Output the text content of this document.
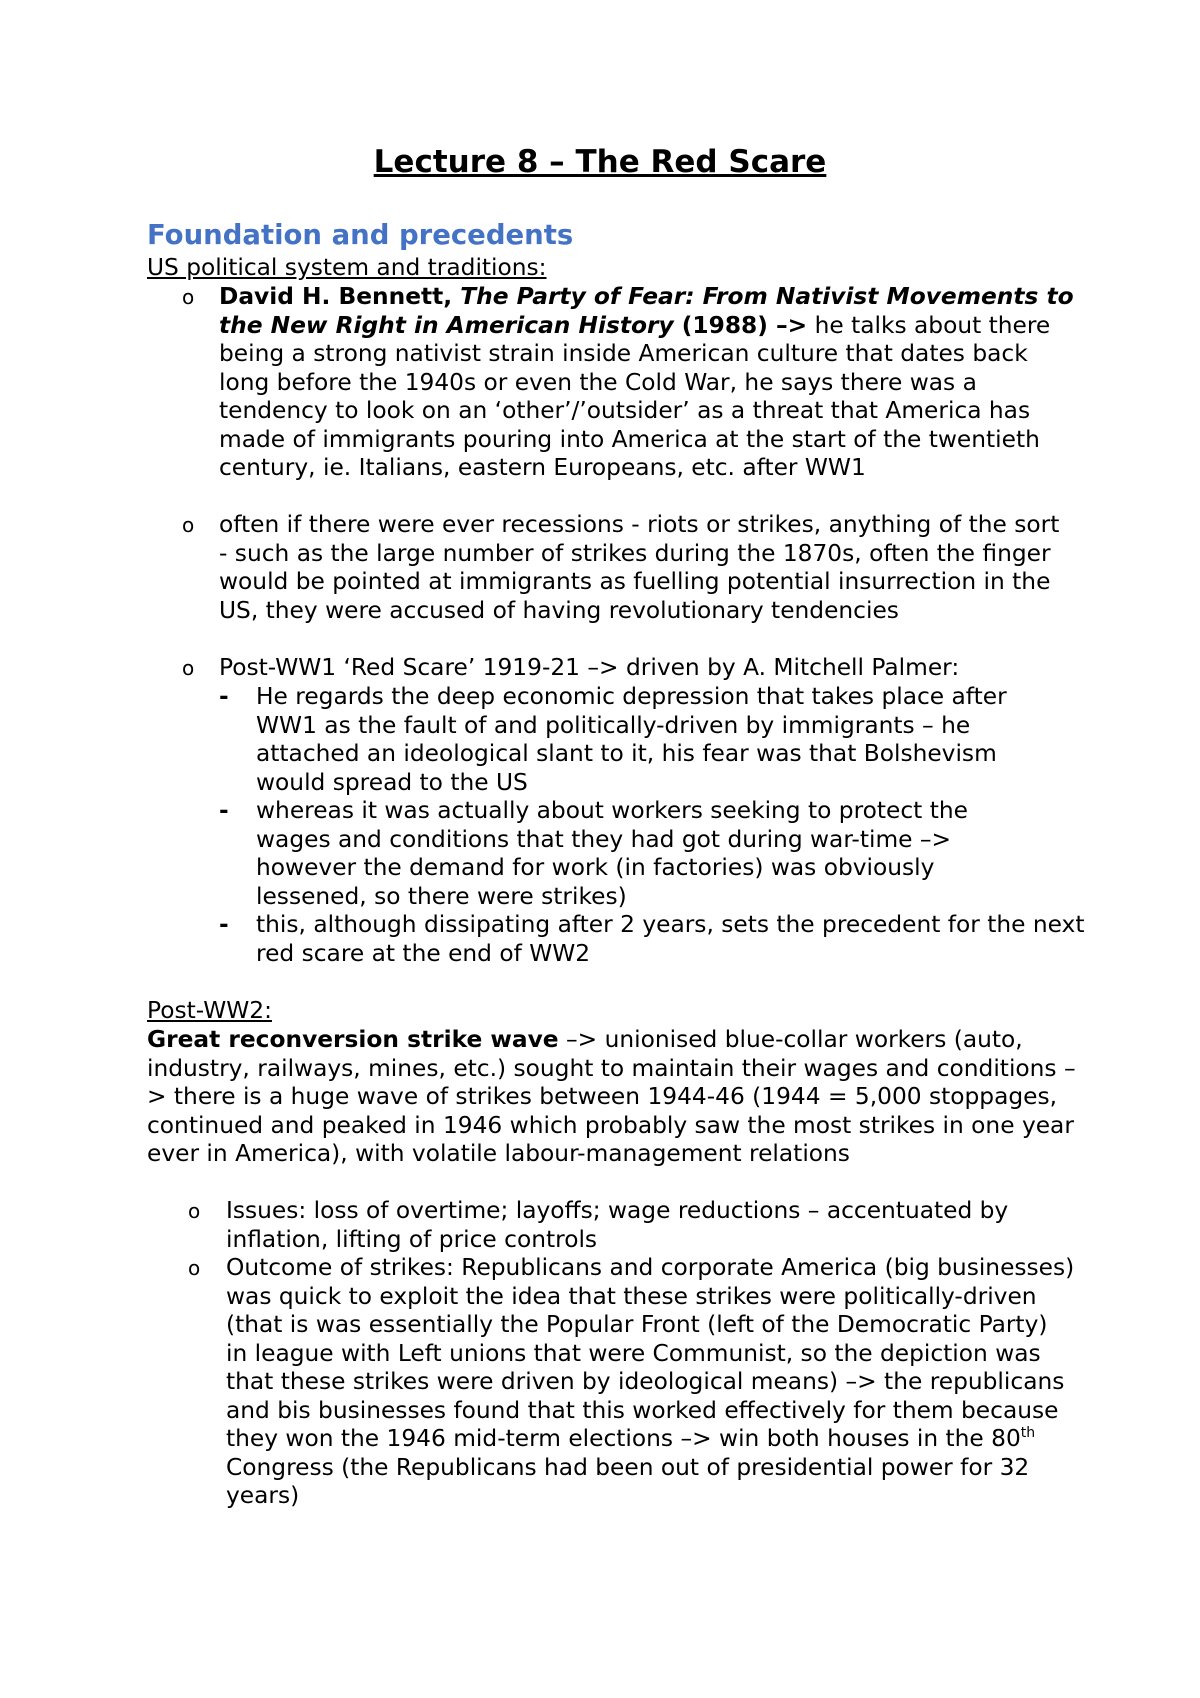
Lecture 8 – The Red Scare
Foundation and precedents
US political system and traditions:
o David H. Bennett, The Party of Fear: From Nativist Movements to the New Right in American History (1988) –> he talks about there being a strong nativist strain inside American culture that dates back long before the 1940s or even the Cold War, he says there was a tendency to look on an ‘other’/’outsider’ as a threat that America has made of immigrants pouring into America at the start of the twentieth century, ie. Italians, eastern Europeans, etc. after WW1
o often if there were ever recessions - riots or strikes, anything of the sort - such as the large number of strikes during the 1870s, often the finger would be pointed at immigrants as fuelling potential insurrection in the US, they were accused of having revolutionary tendencies
o Post-WW1 ‘Red Scare’ 1919-21 –> driven by A. Mitchell Palmer:
- He regards the deep economic depression that takes place after WW1 as the fault of and politically-driven by immigrants – he attached an ideological slant to it, his fear was that Bolshevism would spread to the US
- whereas it was actually about workers seeking to protect the wages and conditions that they had got during war-time –> however the demand for work (in factories) was obviously lessened, so there were strikes)
- this, although dissipating after 2 years, sets the precedent for the next red scare at the end of WW2
Post-WW2:
Great reconversion strike wave –> unionised blue-collar workers (auto, industry, railways, mines, etc.) sought to maintain their wages and conditions –> there is a huge wave of strikes between 1944-46 (1944 = 5,000 stoppages, continued and peaked in 1946 which probably saw the most strikes in one year ever in America), with volatile labour-management relations
o Issues: loss of overtime; layoffs; wage reductions – accentuated by inflation, lifting of price controls
o Outcome of strikes: Republicans and corporate America (big businesses) was quick to exploit the idea that these strikes were politically-driven (that is was essentially the Popular Front (left of the Democratic Party) in league with Left unions that were Communist, so the depiction was that these strikes were driven by ideological means) –> the republicans and bis businesses found that this worked effectively for them because they won the 1946 mid-term elections –> win both houses in the 80th Congress (the Republicans had been out of presidential power for 32 years)
